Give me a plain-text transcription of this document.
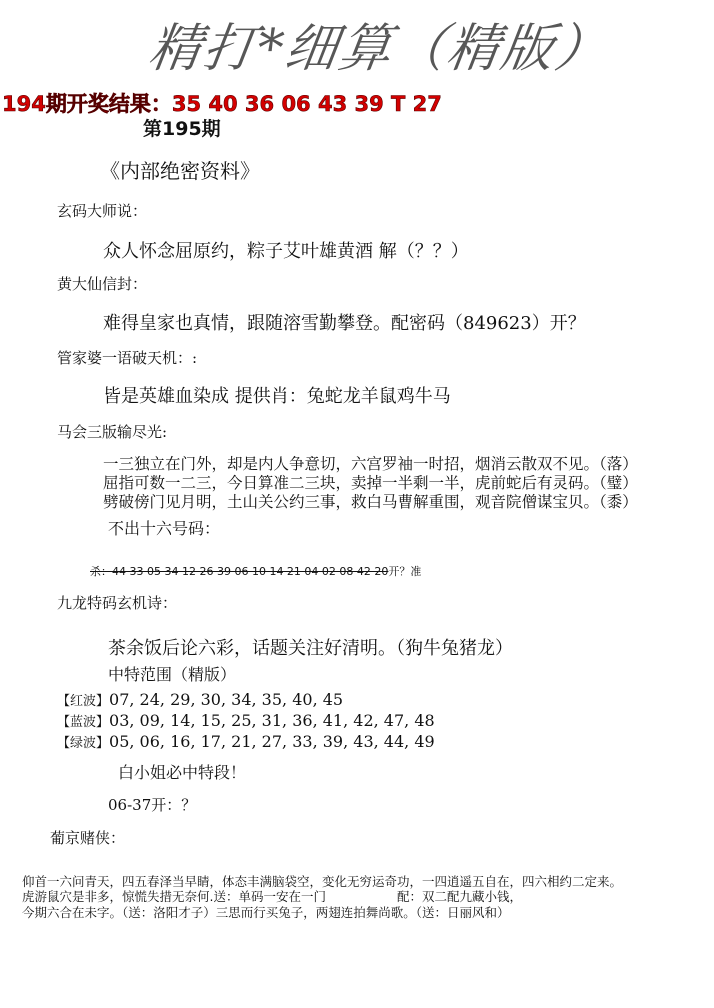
精打*细算（精版）
194期开奖结果：35 40 36 06 43 39 T 27
第195期
《内部绝密资料》
玄码大师说：
众人怀念屈原约，粽子艾叶雄黄酒 解（？？）
黄大仙信封：
难得皇家也真情，跟随溶雪勤攀登。配密码（849623）开？
管家婆一语破天机：:
皆是英雄血染成 提供肖：兔蛇龙羊鼠鸡牛马
马会三版输尽光:
一三独立在门外，却是内人争意切，六宫罗袖一时招，烟消云散双不见。（落）
屈指可数一二三，今日算准二三块，卖掉一半剩一半，虎前蛇后有灵码。（璧）
劈破傍门见月明，土山关公约三事，救白马曹解重围，观音院僧谋宝贝。（黍）
不出十六号码：
杀：44 33 05 34 12 26 39 06 10 14 21 04 02 08 42 20开？准
九龙特码玄机诗：
茶余饭后论六彩，话题关注好清明。（狗牛兔猪龙）
中特范围（精版）
【红波】07, 24, 29, 30, 34, 35, 40, 45
【蓝波】03, 09, 14, 15, 25, 31, 36, 41, 42, 47, 48
【绿波】05, 06, 16, 17, 21, 27, 33, 39, 43, 44, 49
白小姐必中特段！
06-37开：？
葡京赌侠：
仰首一六问青天，四五春泽当早睛，体态丰满脑袋空，变化无穷运奇功，一四逍遥五自在，四六相约二定来。
虎游鼠穴是非多，惊慌失措无奈何.送：单码一安在一门	配：双二配九藏小钱，
今期六合在未字。（送：洛阳才子）三思而行买兔子，两翅连拍舞尚歌。（送：日丽风和）
